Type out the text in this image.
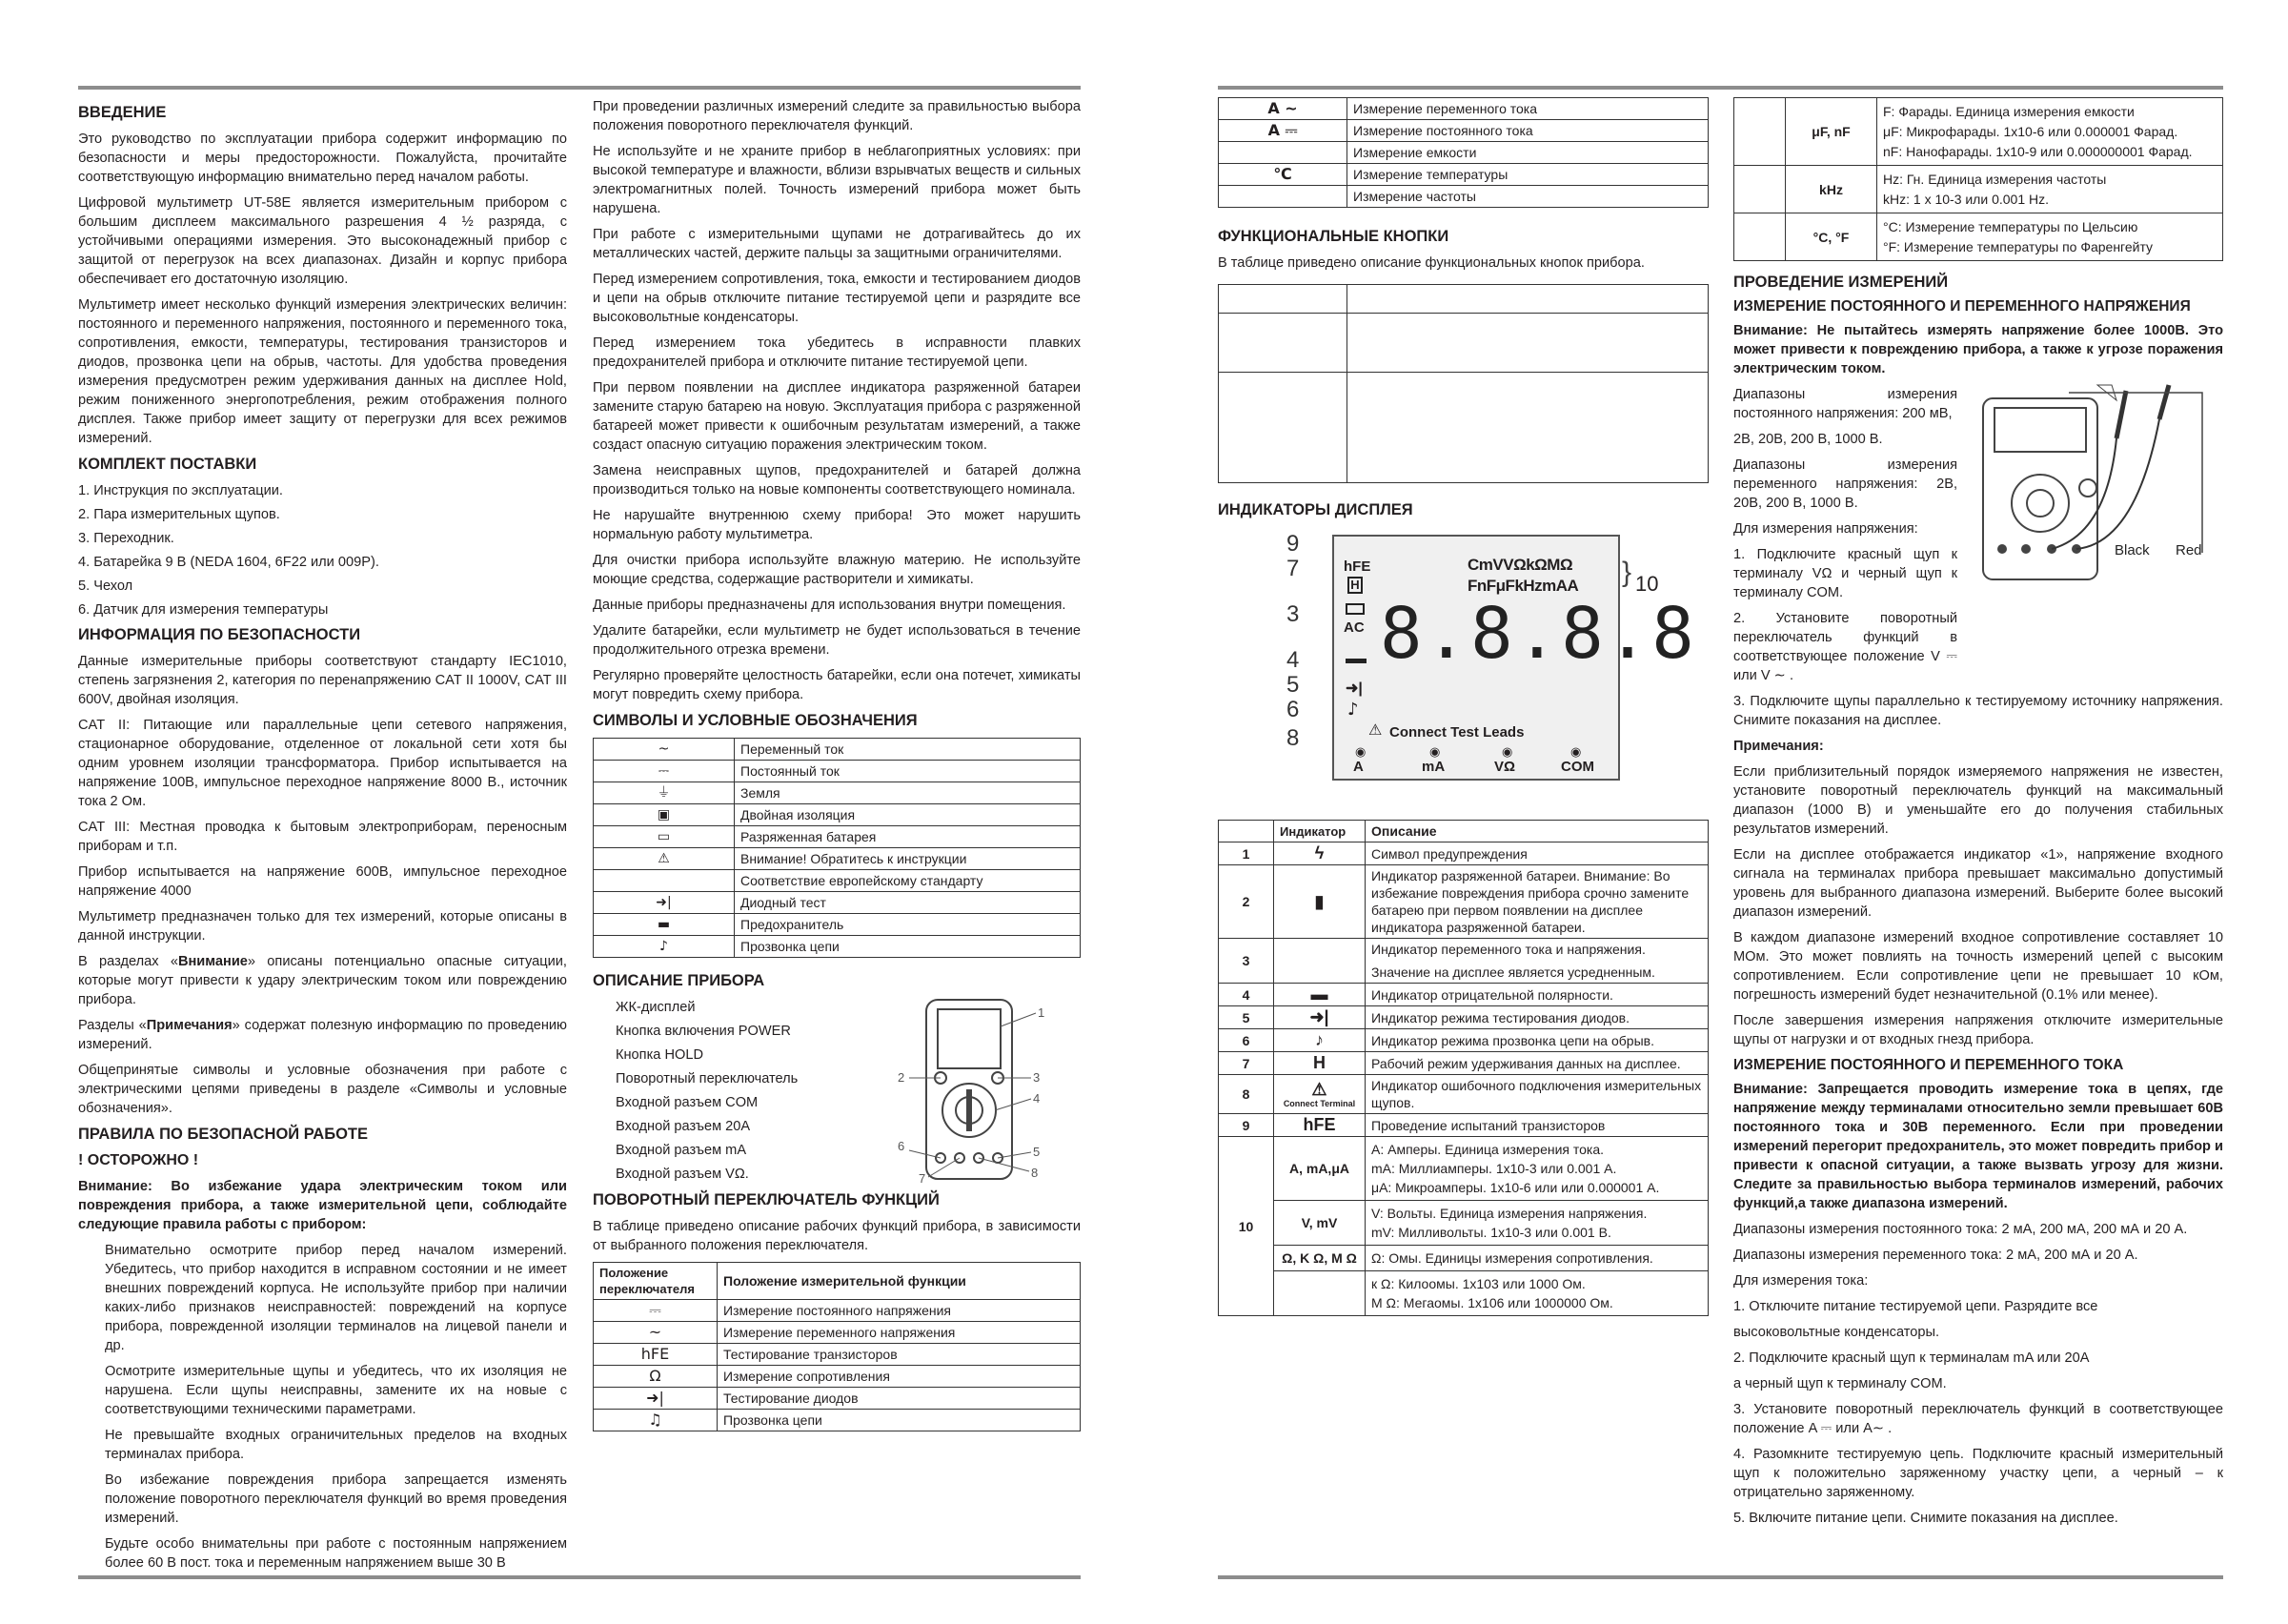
ВВЕДЕНИЕ

Это руководство по эксплуатации прибора содержит информацию по безопасности и меры предосторожности. Пожалуйста, прочитайте соответствующую информацию внимательно перед началом работы.

Цифровой мультиметр UT-58E является измерительным прибором с большим дисплеем максимального разрешения 4 ½ разряда, с устойчивыми операциями измерения. Это высоконадежный прибор с защитой от перегрузок на всех диапазонах. Дизайн и корпус прибора обеспечивает его достаточную изоляцию.

Мультиметр имеет несколько функций измерения электрических величин: постоянного и переменного напряжения, постоянного и переменного тока, сопротивления, емкости, температуры, тестирования транзисторов и диодов, прозвонка цепи на обрыв, частоты. Для удобства проведения измерения предусмотрен режим удерживания данных на дисплее Hold, режим пониженного энергопотребления, режим отображения полного дисплея. Также прибор имеет защиту от перегрузки для всех режимов измерений.

КОМПЛЕКТ ПОСТАВКИ

1. Инструкция по эксплуатации.

2. Пара измерительных щупов.

3. Переходник.

4. Батарейка 9 В (NEDA 1604, 6F22 или 009P).

5. Чехол

6. Датчик для измерения температуры

ИНФОРМАЦИЯ ПО БЕЗОПАСНОСТИ

Данные измерительные приборы соответствуют стандарту IEC1010, степень загрязнения 2, категория по перенапряжению CAT II 1000V, CAT III 600V, двойная изоляция.

CAT II: Питающие или параллельные цепи сетевого напряжения, стационарное оборудование, отделенное от локальной сети хотя бы одним уровнем изоляции трансформатора. Прибор испытывается на напряжение 100В, импульсное переходное напряжение 8000 В., источник тока 2 Ом.

CAT III: Местная проводка к бытовым электроприборам, переносным приборам и т.п.

Прибор испытывается на напряжение 600В, импульсное переходное напряжение 4000

Мультиметр предназначен только для тех измерений, которые описаны в данной инструкции.

В разделах «Внимание» описаны потенциально опасные ситуации, которые могут привести к удару электрическим током или повреждению прибора.

Разделы «Примечания» содержат полезную информацию по проведению измерений.

Общепринятые символы и условные обозначения при работе с электрическими цепями приведены в разделе «Символы и условные обозначения».

ПРАВИЛА ПО БЕЗОПАСНОЙ РАБОТЕ

! ОСТОРОЖНО !

Внимание: Во избежание удара электрическим током или повреждения прибора, а также измерительной цепи, соблюдайте следующие правила работы с прибором:

Внимательно осмотрите прибор перед началом измерений. Убедитесь, что прибор находится в исправном состоянии и не имеет внешних повреждений корпуса. Не используйте прибор при наличии каких-либо признаков неисправностей: повреждений на корпусе прибора, поврежденной изоляции терминалов на лицевой панели и др.

Осмотрите измерительные щупы и убедитесь, что их изоляция не нарушена. Если щупы неисправны, замените их на новые с соответствующими техническими параметрами.

Не превышайте входных ограничительных пределов на входных терминалах прибора.

Во избежание повреждения прибора запрещается изменять положение поворотного переключателя функций во время проведения измерений.

Будьте особо внимательны при работе с постоянным напряжением более 60 В пост. тока и переменным напряжением выше 30 В

При проведении различных измерений следите за правильностью выбора положения поворотного переключателя функций.

Не используйте и не храните прибор в неблагоприятных условиях: при высокой температуре и влажности, вблизи взрывчатых веществ и сильных электромагнитных полей. Точность измерений прибора может быть нарушена.

При работе с измерительными щупами не дотрагивайтесь до их металлических частей, держите пальцы за защитными ограничителями.

Перед измерением сопротивления, тока, емкости и тестированием диодов и цепи на обрыв отключите питание тестируемой цепи и разрядите все высоковольтные конденсаторы.

Перед измерением тока убедитесь в исправности плавких предохранителей прибора и отключите питание тестируемой цепи.

При первом появлении на дисплее индикатора разряженной батареи замените старую батарею на новую. Эксплуатация прибора с разряженной батареей может привести к ошибочным результатам измерений, а также создаст опасную ситуацию поражения электрическим током.

Замена неисправных щупов, предохранителей и батарей должна производиться только на новые компоненты соответствующего номинала.

Не нарушайте внутреннюю схему прибора! Это может нарушить нормальную работу мультиметра.

Для очистки прибора используйте влажную материю. Не используйте моющие средства, содержащие растворители и химикаты.

Данные приборы предназначены для использования внутри помещения.

Удалите батарейки, если мультиметр не будет использоваться в течение продолжительного отрезка времени.

Регулярно проверяйте целостность батарейки, если она потечет, химикаты могут повредить схему прибора.

СИМВОЛЫ И УСЛОВНЫЕ ОБОЗНАЧЕНИЯ
~	Переменный ток
⎓	Постоянный ток
⏚	Земля
▣	Двойная изоляция
▭	Разряженная батарея
⚠	Внимание! Обратитесь к инструкции
	Соответствие европейскому стандарту
➜|	Диодный тест
▬	Предохранитель
♪	Прозвонка цепи
ОПИСАНИЕ ПРИБОРА

ЖК-дисплей

Кнопка включения POWER

Кнопка HOLD

Поворотный переключатель

Входной разъем COM

Входной разъем 20A

Входной разъем mA

Входной разъем VΩ.

1
2	3
4
5
6
7	8
ПОВОРОТНЫЙ ПЕРЕКЛЮЧАТЕЛЬ ФУНКЦИЙ

В таблице приведено описание рабочих функций прибора, в зависимости от выбранного положения переключателя.

Положение переключателя	Положение измерительной функции
⎓	Измерение постоянного напряжения
~	Измерение переменного напряжения
hFE	Тестирование транзисторов
Ω	Измерение сопротивления
➜|	Тестирование диодов
♫	Прозвонка цепи
A ~	Измерение переменного тока
A ⎓	Измерение постоянного тока
	Измерение емкости
℃	Измерение температуры
	Измерение частоты
ФУНКЦИОНАЛЬНЫЕ КНОПКИ

В таблице приведено описание функциональных кнопок прибора.

ИНДИКАТОРЫ ДИСПЛЕЯ
9
7
3
4
5
6
8
hFE
H
AC
➜|
♪
CmVVΩkΩMΩ
FnFμFkHzmAA
8.8.8.8
Connect Test Leads
⚠
A	mA	VΩ	COM
◉	◉	◉	◉
10
}
	Индикатор	Описание
1	ϟ	Символ предупреждения

2	▮	Индикатор разряженной батареи. Внимание: Во избежание повреждения прибора срочно замените батарею при первом появлении на дисплее индикатора разряженной батареи.

3		Индикатор переменного тока и напряжения.
Значение на дисплее является усредненным.

4	▬	Индикатор отрицательной полярности.

5	➜|	Индикатор режима тестирования диодов.

6	♪	Индикатор режима прозвонка цепи на обрыв.

7	H	Рабочий режим удерживания данных на дисплее.

8	⚠
Connect Terminal	Индикатор ошибочного подключения измерительных щупов.

9	hFE	Проведение испытаний транзисторов

10	A, mA,μA	А: Амперы. Единица измерения тока.
mA: Миллиамперы. 1x10-3 или 0.001 А.
μA: Микроамперы. 1x10-6 или или 0.000001 А.

	V, mV	V: Вольты. Единица измерения напряжения.
mV: Милливольты. 1x10-3 или 0.001 В.

	Ω, K Ω, M Ω	Ω: Омы. Единицы измерения сопротивления.

		к Ω: Килоомы. 1x103 или 1000 Ом.
М Ω: Мегаомы. 1x106 или 1000000 Ом.
	μF, nF	F: Фарады. Единица измерения емкости
μF: Микрофарады. 1x10-6 или 0.000001 Фарад.
nF: Нанофарады. 1x10-9 или 0.000000001 Фарад.

	kHz	Hz: Гн. Единица измерения частоты
kHz: 1 x 10-3 или 0.001 Hz.

	°C, °F	°C: Измерение температуры по Цельсию
°F: Измерение температуры по Фаренгейту
ПРОВЕДЕНИЕ ИЗМЕРЕНИЙ
ИЗМЕРЕНИЕ ПОСТОЯННОГО И ПЕРЕМЕННОГО НАПРЯЖЕНИЯ

Внимание: Не пытайтесь измерять напряжение более 1000В. Это может привести к повреждению прибора, а также к угрозе поражения электрическим током.

Диапазоны измерения постоянного напряжения: 200 мВ,

2В, 20В, 200 В, 1000 В.

Диапазоны измерения переменного напряжения: 2В, 20В, 200 В, 1000 В.

Для измерения напряжения:

1. Подключите красный щуп к терминалу VΩ и черный щуп к терминалу COM.

2. Установите поворотный переключатель функций в соответствующее положение V ⎓ или V ∼ .

Black Red

3. Подключите щупы параллельно к тестируемому источнику напряжения. Снимите показания на дисплее.

Примечания:

Если приблизительный порядок измеряемого напряжения не известен, установите поворотный переключатель функций на максимальный диапазон (1000 В) и уменьшайте его до получения стабильных результатов измерений.

Если на дисплее отображается индикатор «1», напряжение входного сигнала на терминалах прибора превышает максимально допустимый уровень для выбранного диапазона измерений. Выберите более высокий диапазон измерений.

В каждом диапазоне измерений входное сопротивление составляет 10 МОм. Это может повлиять на точность измерений цепей с высоким сопротивлением. Если сопротивление цепи не превышает 10 кОм, погрешность измерений будет незначительной (0.1% или менее).

После завершения измерения напряжения отключите измерительные щупы от нагрузки и от входных гнезд прибора.

ИЗМЕРЕНИЕ ПОСТОЯННОГО И ПЕРЕМЕННОГО ТОКА

Внимание: Запрещается проводить измерение тока в цепях, где напряжение между терминалами относительно земли превышает 60В постоянного тока и 30В переменного. Если при проведении измерений перегорит предохранитель, это может повредить прибор и привести к опасной ситуации, а также вызвать угрозу для жизни. Следите за правильностью выбора терминалов измерений, рабочих функций,а также диапазона измерений.

Диапазоны измерения постоянного тока: 2 мА, 200 мА, 200 мА и 20 А.

Диапазоны измерения переменного тока: 2 мА, 200 мА и 20 А.

Для измерения тока:

1. Отключите питание тестируемой цепи. Разрядите все

высоковольтные конденсаторы.

2. Подключите красный щуп к терминалам mA или 20A

а черный щуп к терминалу COM.

3. Установите поворотный переключатель функций в соответствующее положение A ⎓ или A∼ .

4. Разомкните тестируемую цепь. Подключите красный измерительный щуп к положительно заряженному участку цепи, а черный – к отрицательно заряженному.

5. Включите питание цепи. Снимите показания на дисплее.
